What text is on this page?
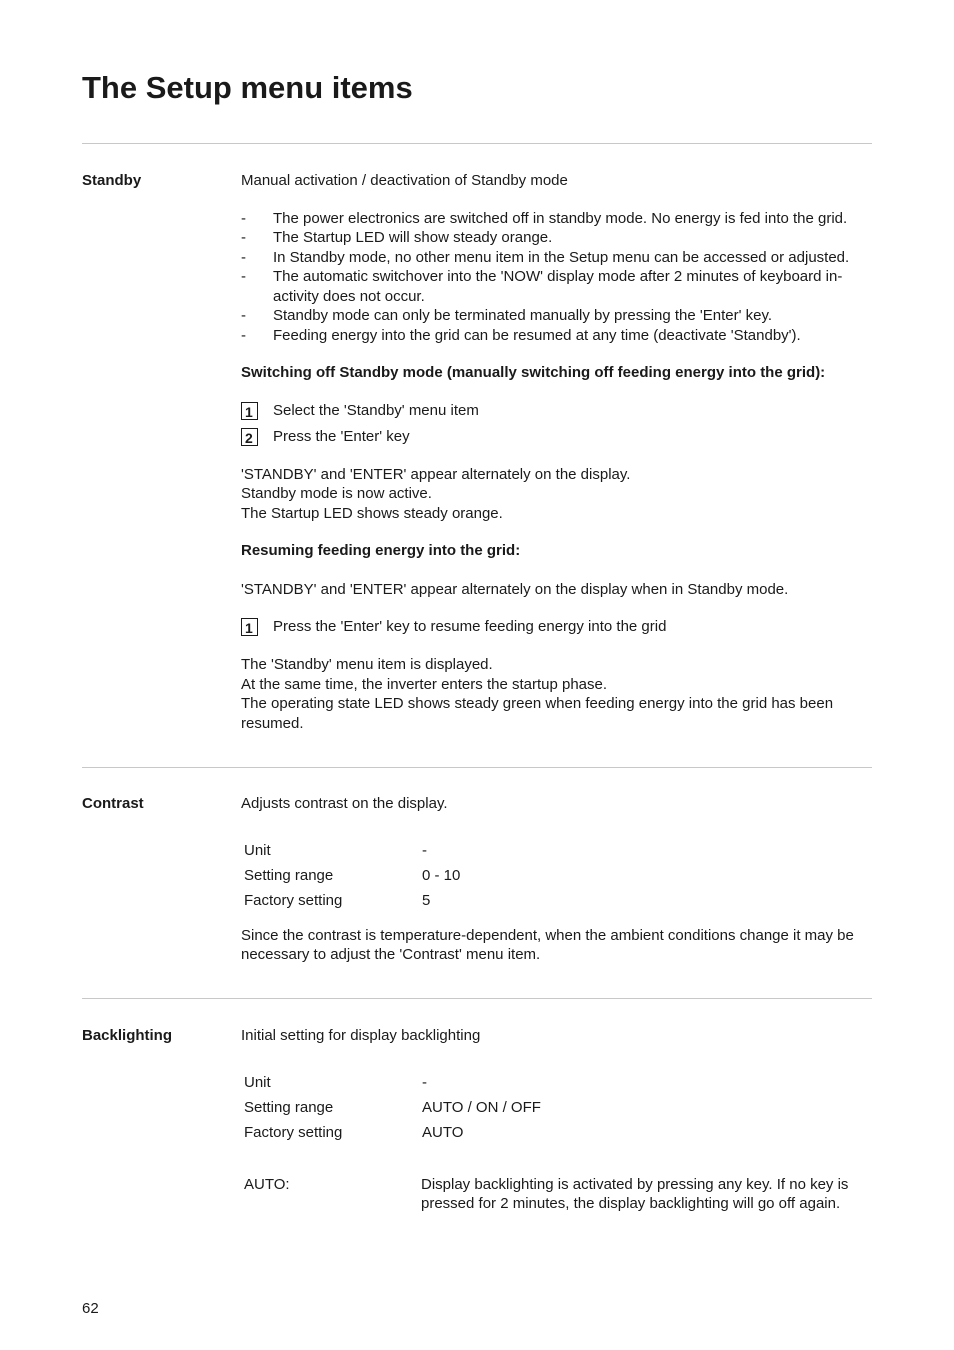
The Setup menu items
Standby	Manual activation / deactivation of Standby mode

- The power electronics are switched off in standby mode. No energy is fed into the grid.
- The Startup LED will show steady orange.
- In Standby mode, no other menu item in the Setup menu can be accessed or adjusted.
- The automatic switchover into the 'NOW' display mode after 2 minutes of keyboard in-activity does not occur.
- Standby mode can only be terminated manually by pressing the 'Enter' key.
- Feeding energy into the grid can be resumed at any time (deactivate 'Standby').

Switching off Standby mode (manually switching off feeding energy into the grid):

1	Select the 'Standby' menu item
2	Press the 'Enter' key

'STANDBY' and 'ENTER' appear alternately on the display.

Standby mode is now active.

The Startup LED shows steady orange.

Resuming feeding energy into the grid:

'STANDBY' and 'ENTER' appear alternately on the display when in Standby mode.

1	Press the 'Enter' key to resume feeding energy into the grid

The 'Standby' menu item is displayed.

At the same time, the inverter enters the startup phase.

The operating state LED shows steady green when feeding energy into the grid has been resumed.

Contrast	Adjusts contrast on the display.

Unit	-
Setting range	0 - 10
Factory setting	5

Since the contrast is temperature-dependent, when the ambient conditions change it may be necessary to adjust the 'Contrast' menu item.

Backlighting	Initial setting for display backlighting

Unit	-
Setting range	AUTO / ON / OFF
Factory setting	AUTO
AUTO:	Display backlighting is activated by pressing any key. If no key is pressed for 2 minutes, the display backlighting will go off again.

62
